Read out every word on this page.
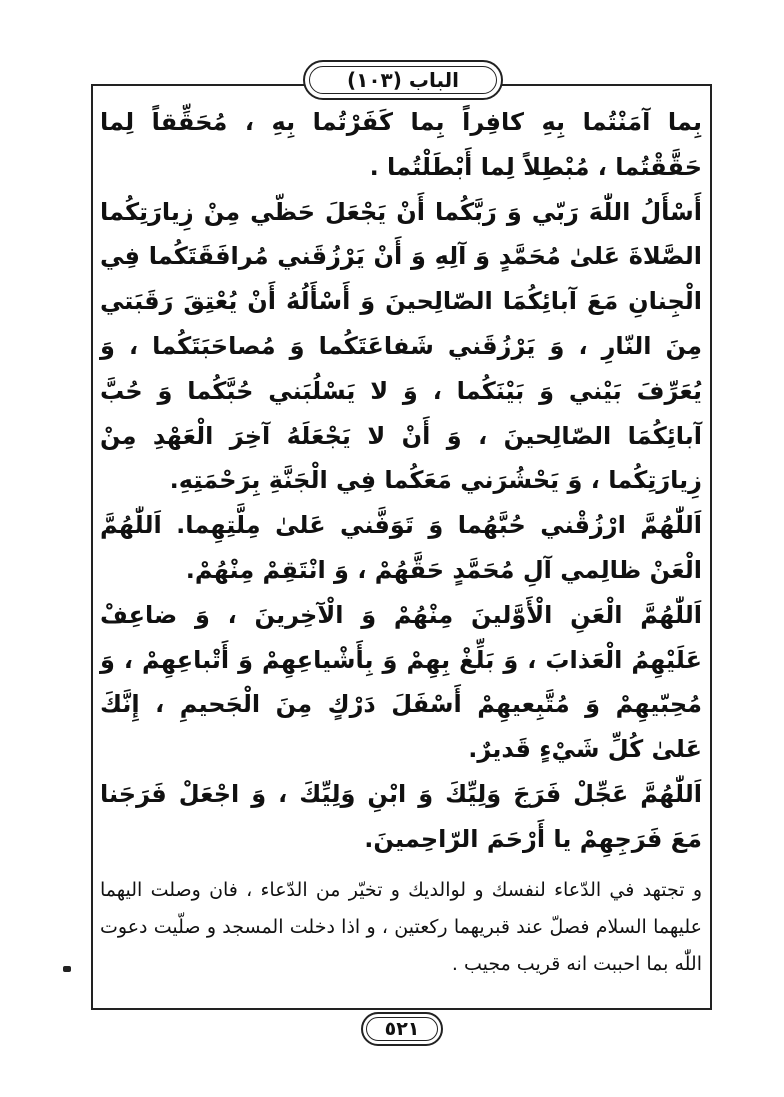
الباب (١٠٣)

بِما آمَنْتُما بِهِ كافِراً بِما كَفَرْتُما بِهِ ، مُحَقِّقاً لِما حَقَّقْتُما ، مُبْطِلاً لِما أَبْطَلْتُما .

أَسْأَلُ اللّٰهَ رَبّي وَ رَبَّكُما أَنْ يَجْعَلَ حَظّي مِنْ زِيارَتِكُما الصَّلاةَ عَلىٰ مُحَمَّدٍ وَ آلِهِ وَ أَنْ يَرْزُقَني مُرافَقَتَكُما فِي الْجِنانِ مَعَ آبائِكُمَا الصّالِحينَ وَ أَسْأَلُهُ أَنْ يُعْتِقَ رَقَبَتي مِنَ النّارِ ، وَ يَرْزُقَني شَفاعَتَكُما وَ مُصاحَبَتَكُما ، وَ يُعَرِّفَ بَيْني وَ بَيْنَكُما ، وَ لا يَسْلُبَني حُبَّكُما وَ حُبَّ آبائِكُمَا الصّالِحينَ ، وَ أَنْ لا يَجْعَلَهُ آخِرَ الْعَهْدِ مِنْ زِيارَتِكُما ، وَ يَحْشُرَني مَعَكُما فِي الْجَنَّةِ بِرَحْمَتِهِ.

اَللّٰهُمَّ ارْزُقْني حُبَّهُما وَ تَوَفَّني عَلىٰ مِلَّتِهِما. اَللّٰهُمَّ الْعَنْ ظالِمي آلِ مُحَمَّدٍ حَقَّهُمْ ، وَ انْتَقِمْ مِنْهُمْ.

اَللّٰهُمَّ الْعَنِ الْأَوَّلينَ مِنْهُمْ وَ الْآخِرينَ ، وَ ضاعِفْ عَلَيْهِمُ الْعَذابَ ، وَ بَلِّغْ بِهِمْ وَ بِأَشْياعِهِمْ وَ أَتْباعِهِمْ ، وَ مُحِبّيهِمْ وَ مُتَّبِعيهِمْ أَسْفَلَ دَرْكٍ مِنَ الْجَحيمِ ، إِنَّكَ عَلىٰ كُلِّ شَيْءٍ قَديرٌ.

اَللّٰهُمَّ عَجِّلْ فَرَجَ وَلِيِّكَ وَ ابْنِ وَلِيِّكَ ، وَ اجْعَلْ فَرَجَنا مَعَ فَرَجِهِمْ يا أَرْحَمَ الرّاحِمينَ.

و تجتهد في الدّعاء لنفسك و لوالديك و تخيّر من الدّعاء ، فان وصلت اليهما عليهما السلام فصلّ عند قبريهما ركعتين ، و اذا دخلت المسجد و صلّيت دعوت اللّٰه بما احببت انه قريب مجيب .

٥٢١
